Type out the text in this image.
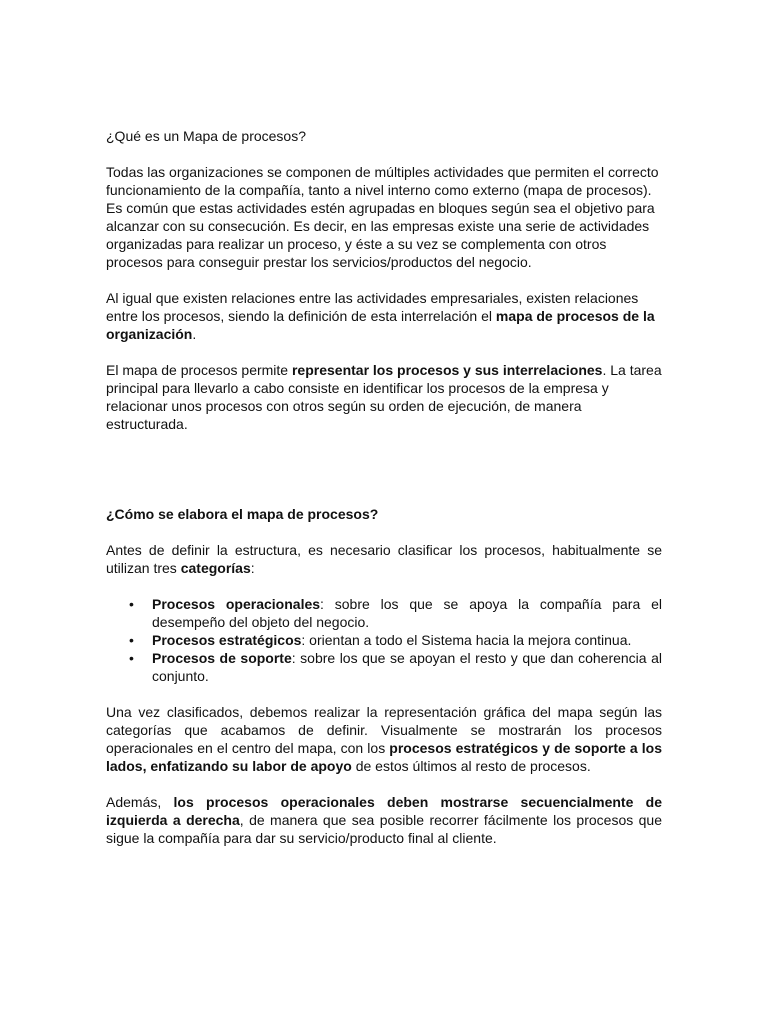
¿Qué es un Mapa de procesos?

Todas las organizaciones se componen de múltiples actividades que permiten el correcto funcionamiento de la compañía, tanto a nivel interno como externo (mapa de procesos). Es común que estas actividades estén agrupadas en bloques según sea el objetivo para alcanzar con su consecución. Es decir, en las empresas existe una serie de actividades organizadas para realizar un proceso, y éste a su vez se complementa con otros procesos para conseguir prestar los servicios/productos del negocio.

Al igual que existen relaciones entre las actividades empresariales, existen relaciones entre los procesos, siendo la definición de esta interrelación el mapa de procesos de la organización.

El mapa de procesos permite representar los procesos y sus interrelaciones. La tarea principal para llevarlo a cabo consiste en identificar los procesos de la empresa y relacionar unos procesos con otros según su orden de ejecución, de manera estructurada.

¿Cómo se elabora el mapa de procesos?

Antes de definir la estructura, es necesario clasificar los procesos, habitualmente se utilizan tres categorías:

• Procesos operacionales: sobre los que se apoya la compañía para el desempeño del objeto del negocio.
• Procesos estratégicos: orientan a todo el Sistema hacia la mejora continua.
• Procesos de soporte: sobre los que se apoyan el resto y que dan coherencia al conjunto.

Una vez clasificados, debemos realizar la representación gráfica del mapa según las categorías que acabamos de definir. Visualmente se mostrarán los procesos operacionales en el centro del mapa, con los procesos estratégicos y de soporte a los lados, enfatizando su labor de apoyo de estos últimos al resto de procesos.

Además, los procesos operacionales deben mostrarse secuencialmente de izquierda a derecha, de manera que sea posible recorrer fácilmente los procesos que sigue la compañía para dar su servicio/producto final al cliente.
